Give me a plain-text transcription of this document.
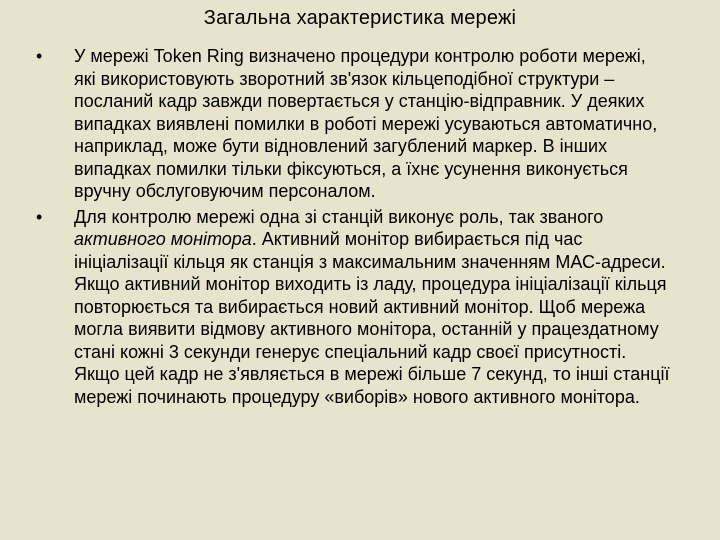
Загальна характеристика мережі
•	У мережі Token Ring визначено процедури контролю роботи мережі, які використовують зворотний зв'язок кільцеподібної структури – посланий кадр завжди повертається у станцію-відправник. У деяких випадках виявлені помилки в роботі мережі усуваються автоматично, наприклад, може бути відновлений загублений маркер. В інших випадках помилки тільки фіксуються, а їхнє усунення виконується вручну обслуговуючим персоналом.
•	Для контролю мережі одна зі станцій виконує роль, так званого активного монітора. Активний монітор вибирається під час ініціалізації кільця як станція з максимальним значенням МАС-адреси. Якщо активний монітор виходить із ладу, процедура ініціалізації кільця повторюється та вибирається новий активний монітор. Щоб мережа могла виявити відмову активного монітора, останній у працездатному стані кожні 3 секунди генерує спеціальний кадр своєї присутності. Якщо цей кадр не з'являється в мережі більше 7 секунд, то інші станції мережі починають процедуру «виборів» нового активного монітора.
